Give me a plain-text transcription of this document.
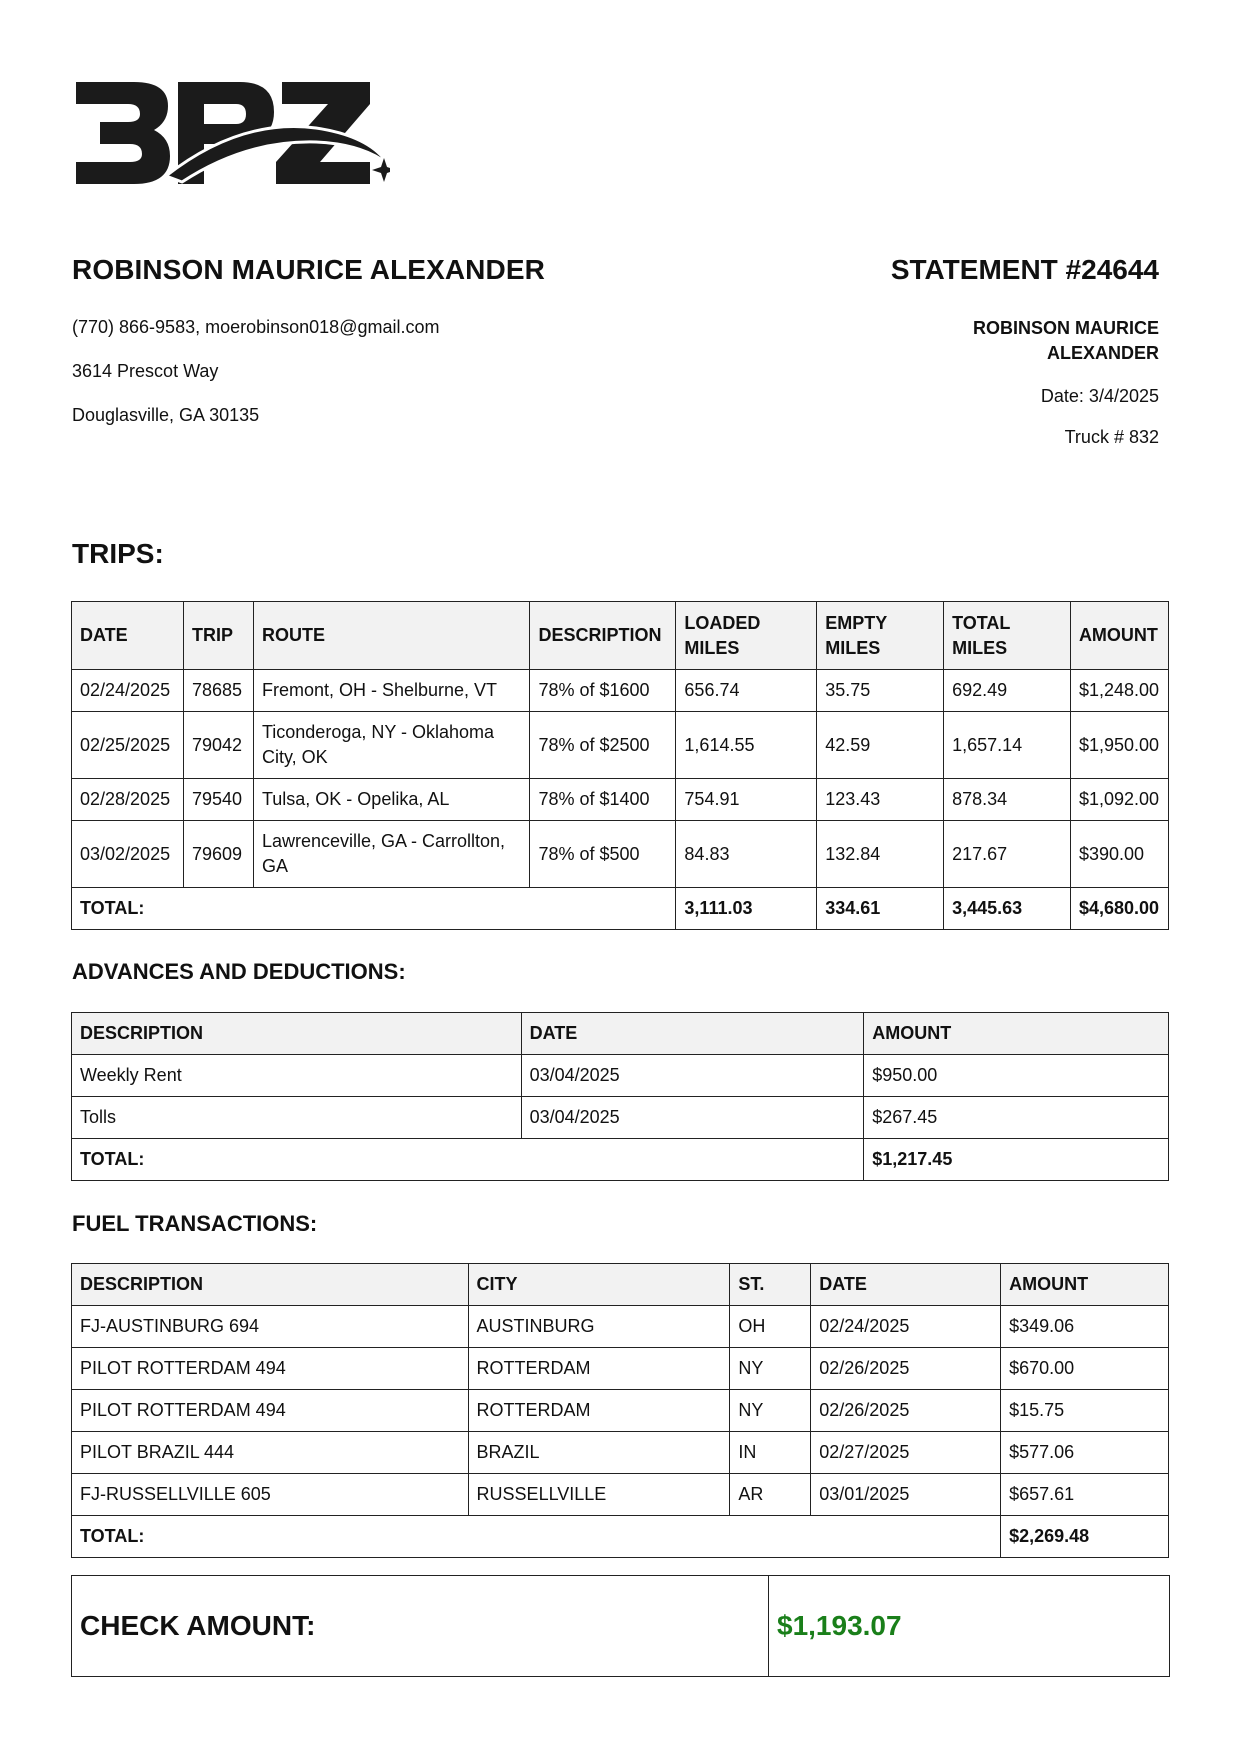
ROBINSON MAURICE ALEXANDER	STATEMENT #24644
(770) 866-9583, moerobinson018@gmail.com
3614 Prescot Way
Douglasville, GA 30135
ROBINSON MAURICE
ALEXANDER
Date: 3/4/2025
Truck # 832
TRIPS:
DATE	TRIP	ROUTE	DESCRIPTION	LOADED MILES	EMPTY MILES	TOTAL MILES	AMOUNT
02/24/2025	78685	Fremont, OH - Shelburne, VT	78% of $1600	656.74	35.75	692.49	$1,248.00
02/25/2025	79042	Ticonderoga, NY - Oklahoma City, OK	78% of $2500	1,614.55	42.59	1,657.14	$1,950.00
02/28/2025	79540	Tulsa, OK - Opelika, AL	78% of $1400	754.91	123.43	878.34	$1,092.00
03/02/2025	79609	Lawrenceville, GA - Carrollton, GA	78% of $500	84.83	132.84	217.67	$390.00
TOTAL:				3,111.03	334.61	3,445.63	$4,680.00
ADVANCES AND DEDUCTIONS:
DESCRIPTION	DATE	AMOUNT
Weekly Rent	03/04/2025	$950.00
Tolls	03/04/2025	$267.45
TOTAL:		$1,217.45
FUEL TRANSACTIONS:
DESCRIPTION	CITY	ST.	DATE	AMOUNT
FJ-AUSTINBURG 694	AUSTINBURG	OH	02/24/2025	$349.06
PILOT ROTTERDAM 494	ROTTERDAM	NY	02/26/2025	$670.00
PILOT ROTTERDAM 494	ROTTERDAM	NY	02/26/2025	$15.75
PILOT BRAZIL 444	BRAZIL	IN	02/27/2025	$577.06
FJ-RUSSELLVILLE 605	RUSSELLVILLE	AR	03/01/2025	$657.61
TOTAL:				$2,269.48
CHECK AMOUNT:	$1,193.07
